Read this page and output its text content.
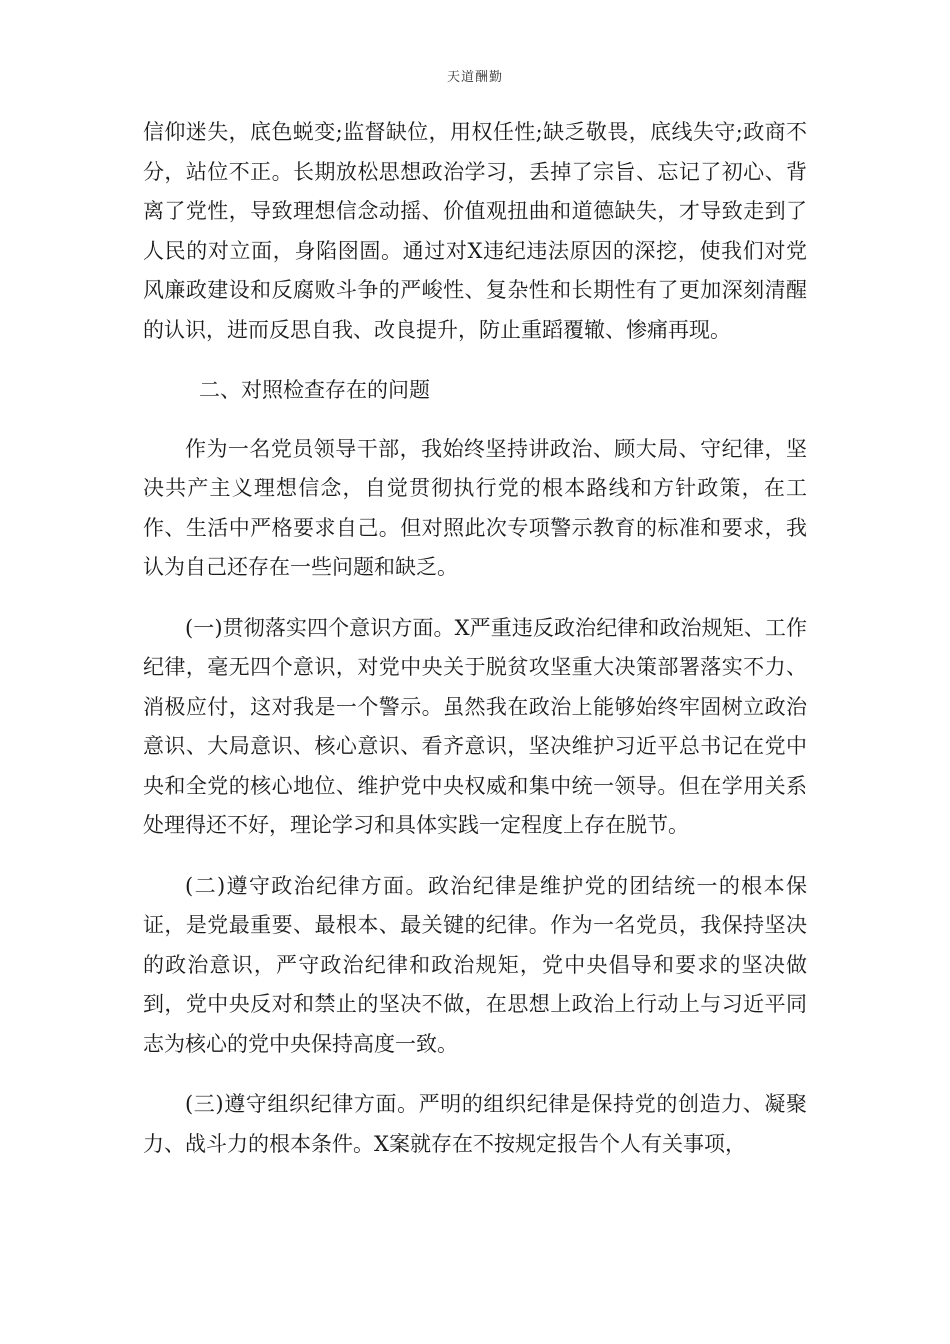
天道酬勤

信仰迷失，底色蜕变;监督缺位，用权任性;缺乏敬畏，底线失守;政商不分，站位不正。长期放松思想政治学习，丢掉了宗旨、忘记了初心、背离了党性，导致理想信念动摇、价值观扭曲和道德缺失，才导致走到了人民的对立面，身陷囹圄。通过对X违纪违法原因的深挖，使我们对党风廉政建设和反腐败斗争的严峻性、复杂性和长期性有了更加深刻清醒的认识，进而反思自我、改良提升，防止重蹈覆辙、惨痛再现。

二、对照检查存在的问题

作为一名党员领导干部，我始终坚持讲政治、顾大局、守纪律，坚决共产主义理想信念，自觉贯彻执行党的根本路线和方针政策，在工作、生活中严格要求自己。但对照此次专项警示教育的标准和要求，我认为自己还存在一些问题和缺乏。

(一)贯彻落实四个意识方面。X严重违反政治纪律和政治规矩、工作纪律，毫无四个意识，对党中央关于脱贫攻坚重大决策部署落实不力、消极应付，这对我是一个警示。虽然我在政治上能够始终牢固树立政治意识、大局意识、核心意识、看齐意识，坚决维护习近平总书记在党中央和全党的核心地位、维护党中央权威和集中统一领导。但在学用关系处理得还不好，理论学习和具体实践一定程度上存在脱节。

(二)遵守政治纪律方面。政治纪律是维护党的团结统一的根本保证，是党最重要、最根本、最关键的纪律。作为一名党员，我保持坚决的政治意识，严守政治纪律和政治规矩，党中央倡导和要求的坚决做到，党中央反对和禁止的坚决不做，在思想上政治上行动上与习近平同志为核心的党中央保持高度一致。

(三)遵守组织纪律方面。严明的组织纪律是保持党的创造力、凝聚力、战斗力的根本条件。X案就存在不按规定报告个人有关事项，
